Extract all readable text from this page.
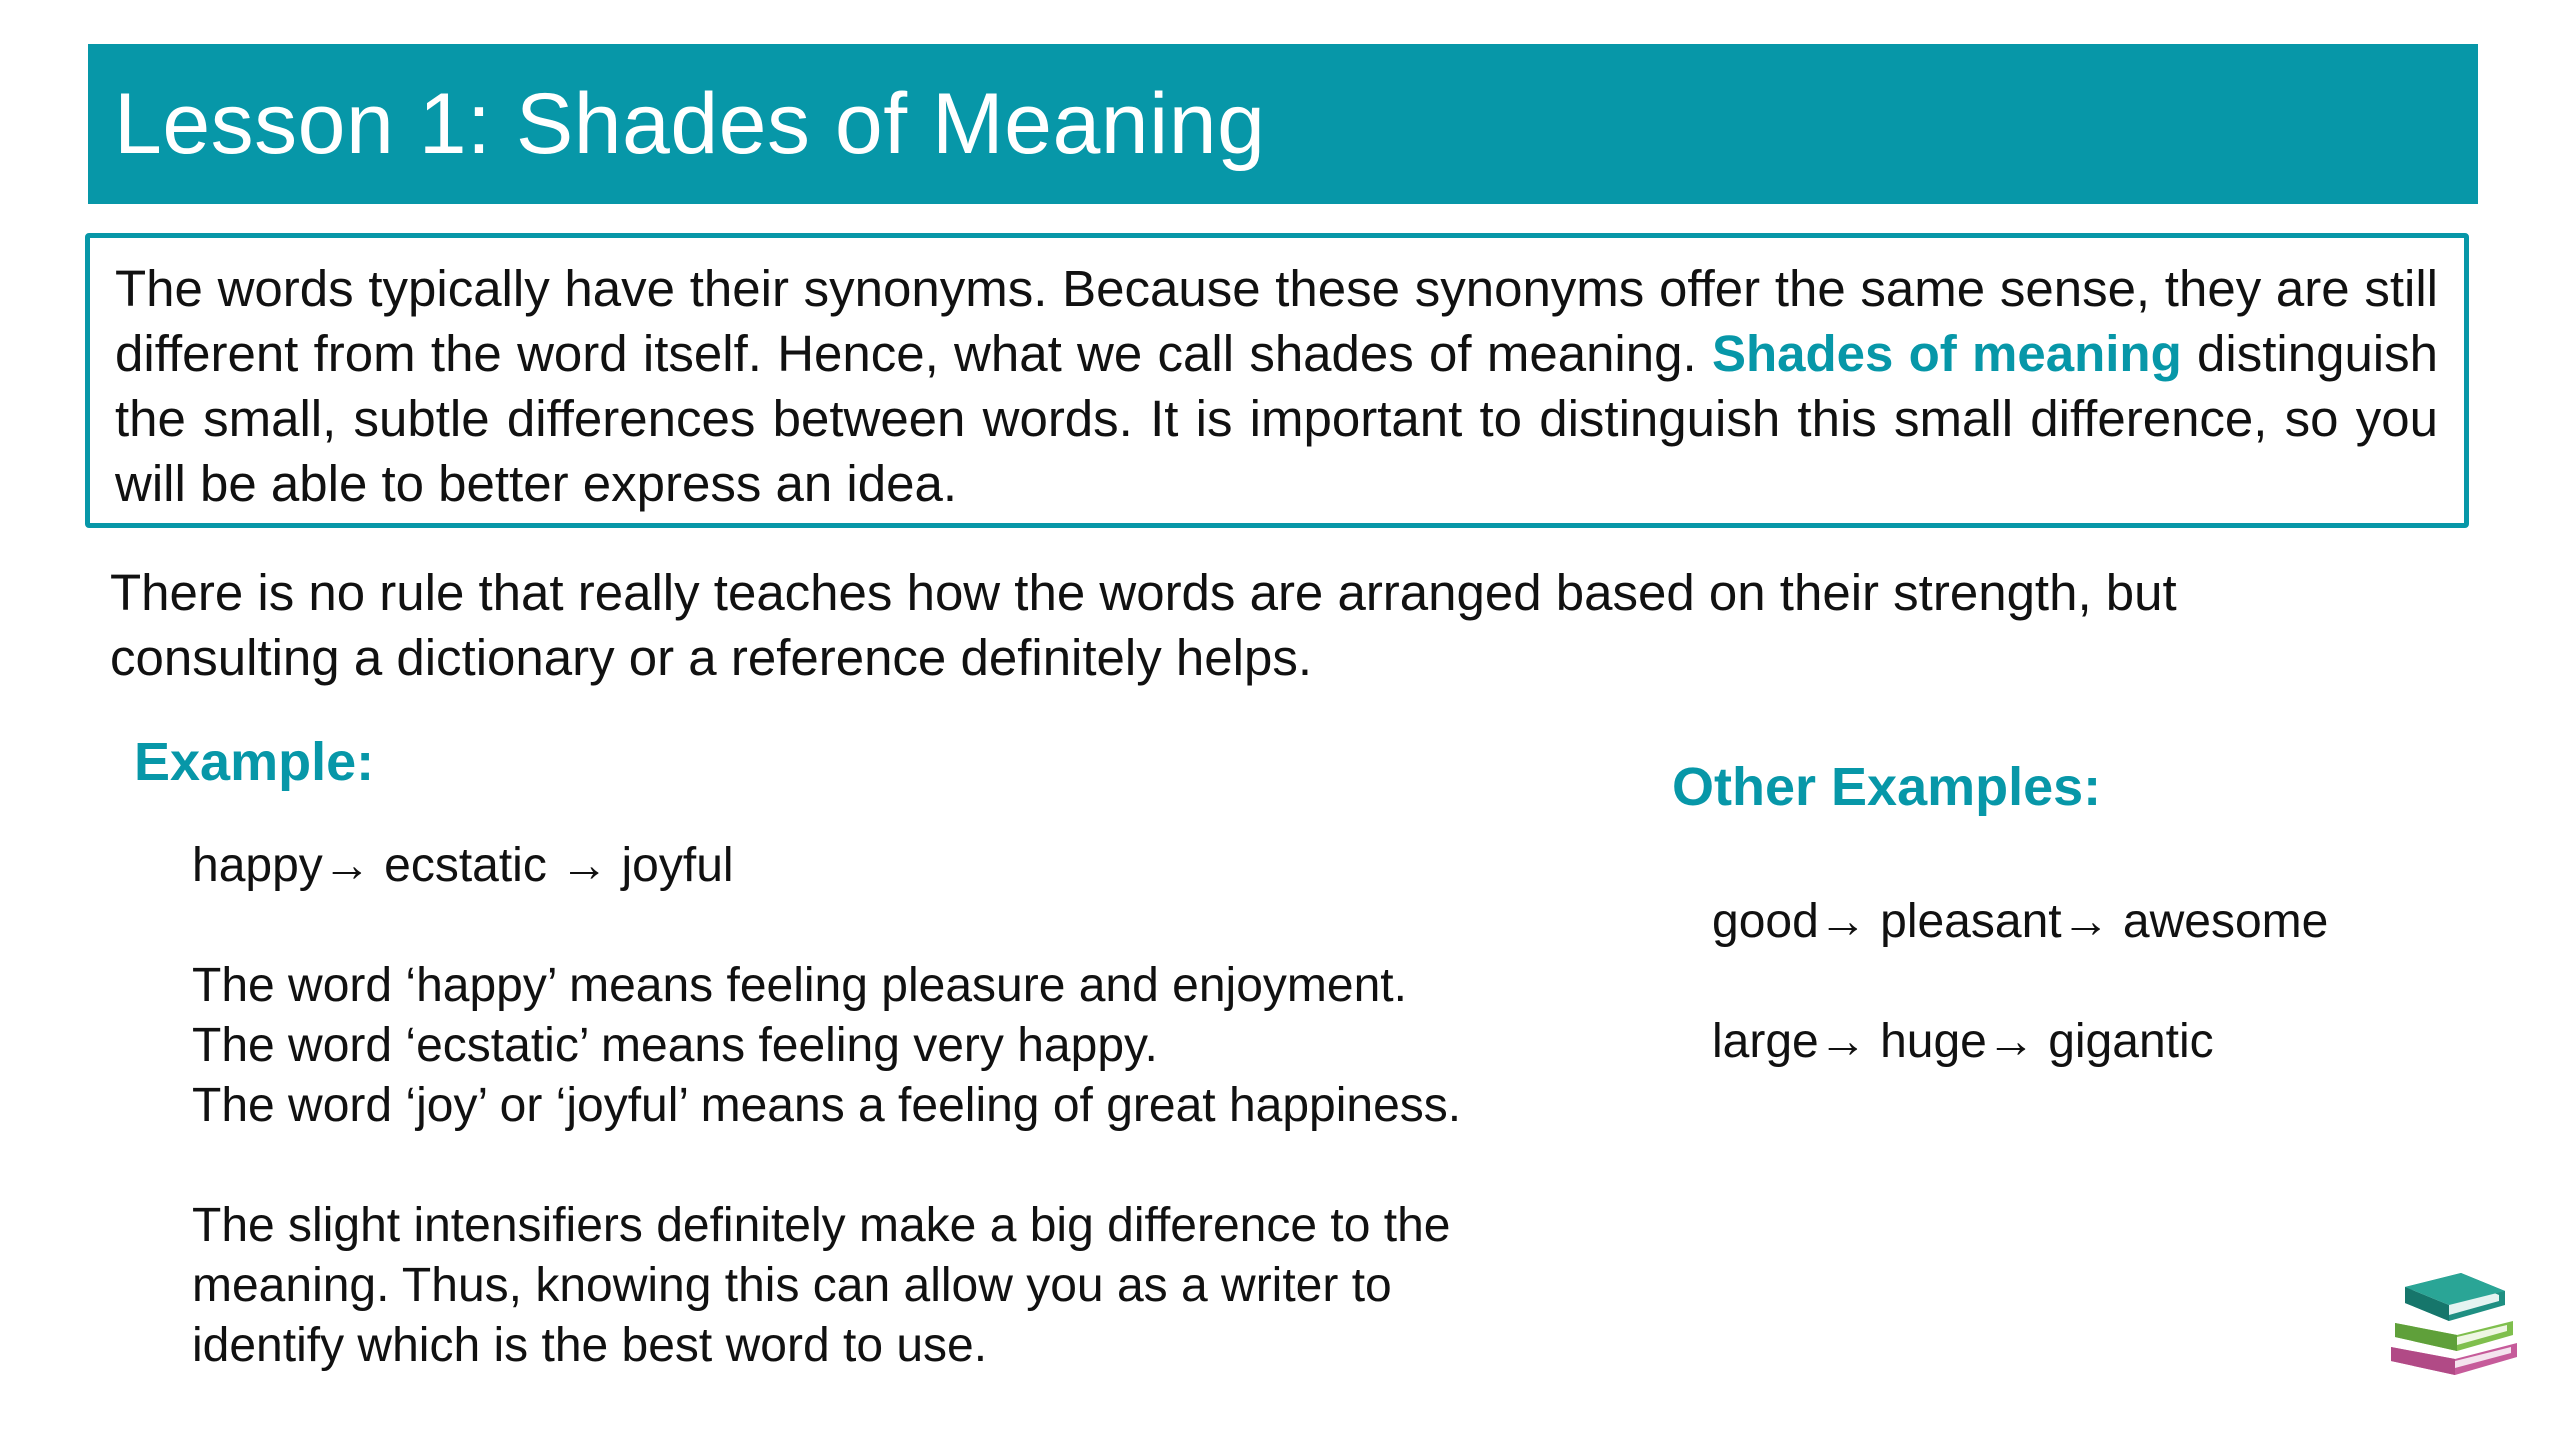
Lesson 1: Shades of Meaning

The words typically have their synonyms. Because these synonyms offer the same sense, they are still different from the word itself. Hence, what we call shades of meaning. Shades of meaning distinguish the small, subtle differences between words. It is important to distinguish this small difference, so you will be able to better express an idea.

There is no rule that really teaches how the words are arranged based on their strength, but consulting a dictionary or a reference definitely helps.

Example:

happy→ ecstatic → joyful

The word ‘happy’ means feeling pleasure and enjoyment.

The word ‘ecstatic’ means feeling very happy.

The word ‘joy’ or ‘joyful’ means a feeling of great happiness.

The slight intensifiers definitely make a big difference to the

meaning. Thus, knowing this can allow you as a writer to

identify which is the best word to use.

Other Examples:

good→ pleasant→ awesome

large→ huge→ gigantic
